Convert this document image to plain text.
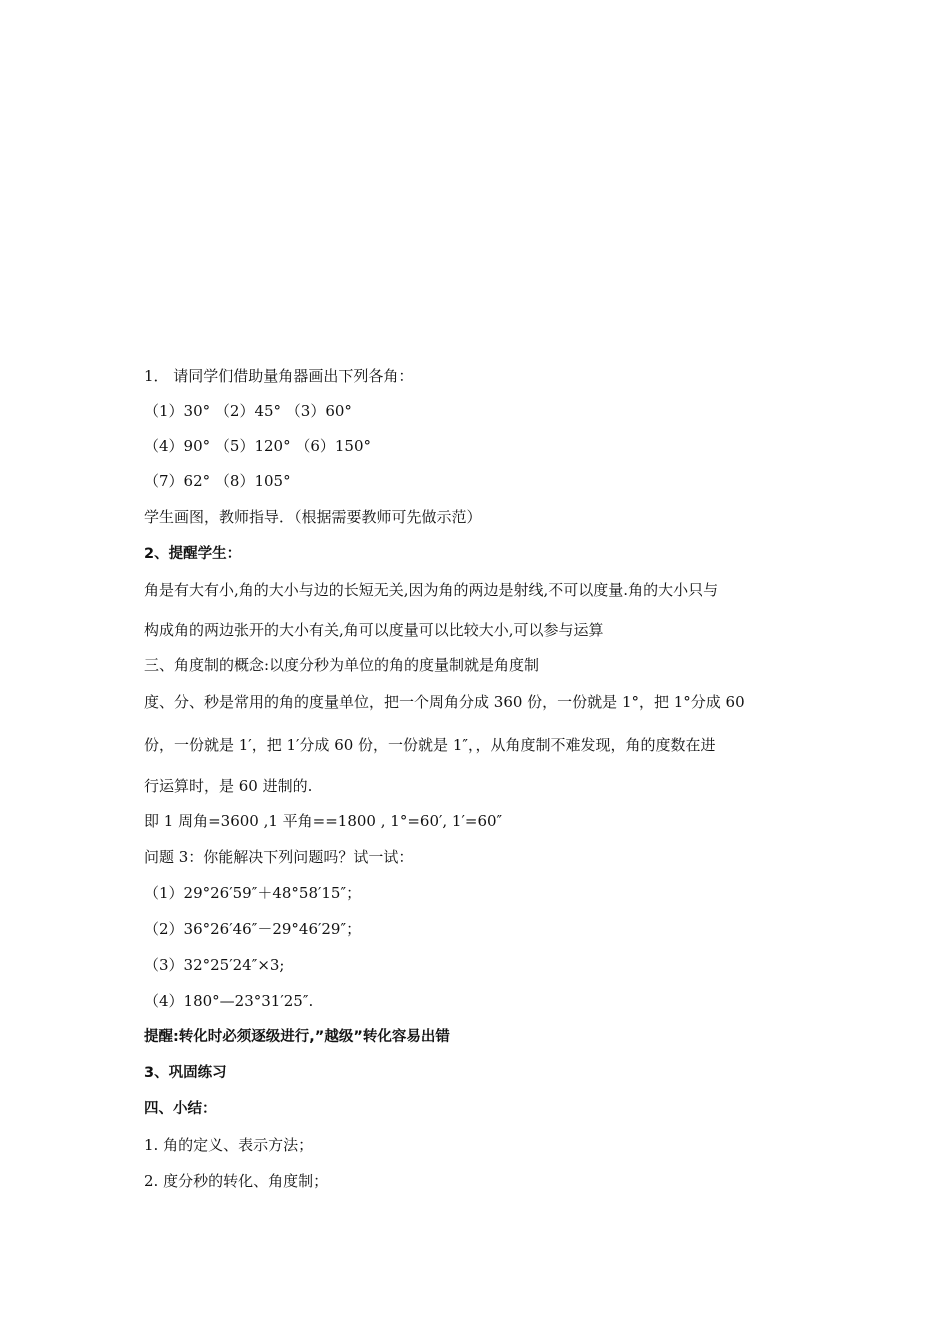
1． 请同学们借助量角器画出下列各角：
（1）30° （2）45° （3）60°
（4）90° （5）120° （6）150°
（7）62° （8）105°
学生画图，教师指导．（根据需要教师可先做示范）
2、提醒学生：
角是有大有小,角的大小与边的长短无关,因为角的两边是射线,不可以度量.角的大小只与
构成角的两边张开的大小有关,角可以度量可以比较大小,可以参与运算
三、角度制的概念:以度分秒为单位的角的度量制就是角度制
度、分、秒是常用的角的度量单位，把一个周角分成 360 份，一份就是 1°，把 1°分成 60
份，一份就是 1′，把 1′分成 60 份，一份就是 1″，，从角度制不难发现，角的度数在进
行运算时，是 60 进制的.
即 1 周角=3600 ,1 平角==1800 , 1°=60′, 1′=60″
问题 3：你能解决下列问题吗？试一试：
（1）29°26′59″＋48°58′15″；
（2）36°26′46″－29°46′29″；
（3）32°25′24″×3;
（4）180°—23°31′25″.
提醒:转化时必须逐级进行,”越级”转化容易出错
3、巩固练习
四、小结：
1. 角的定义、表示方法；
2. 度分秒的转化、角度制；
